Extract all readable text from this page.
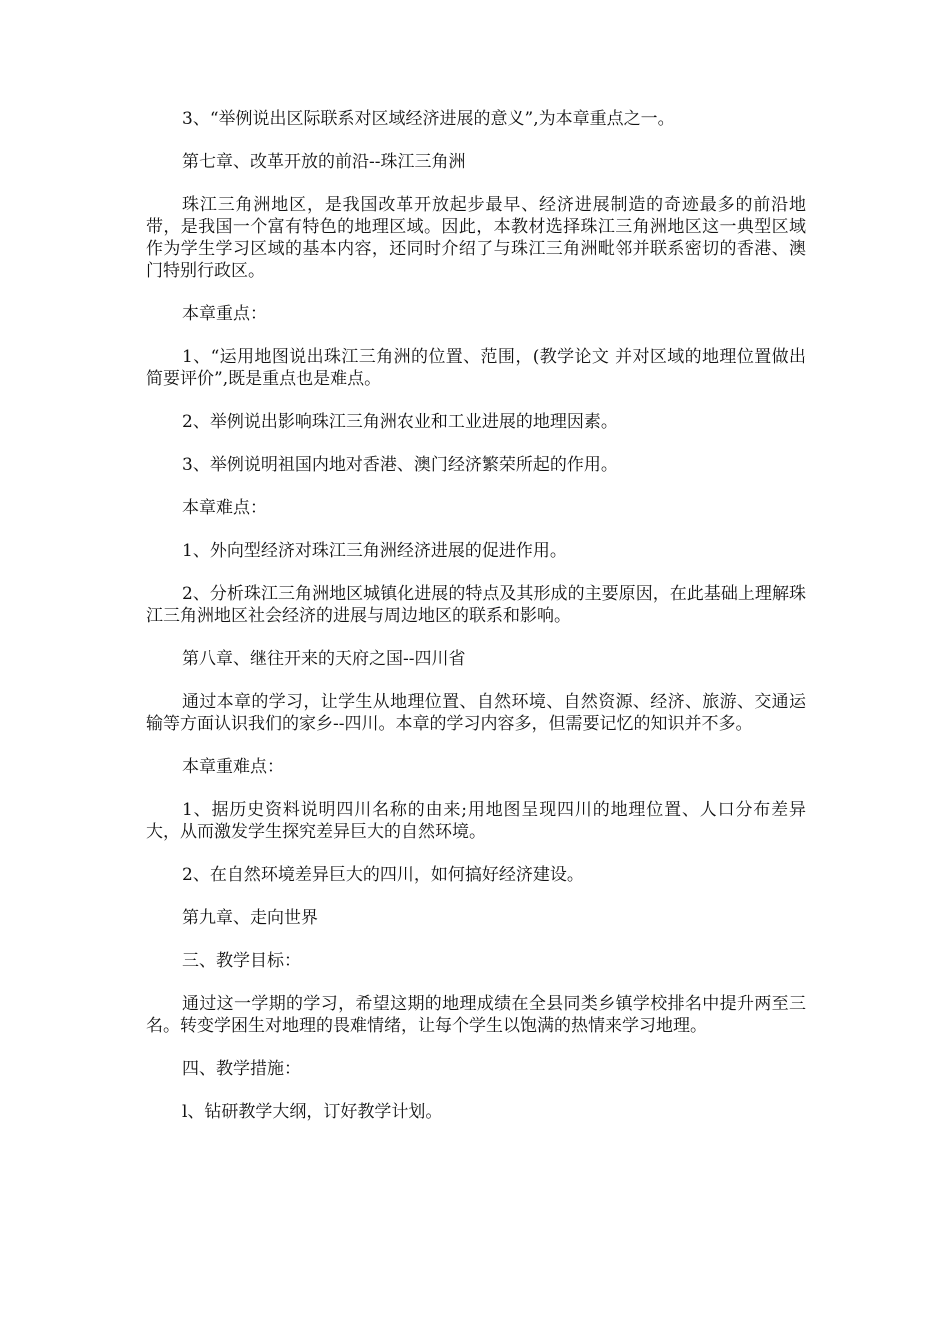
3、“举例说出区际联系对区域经济进展的意义”,为本章重点之一。

第七章、改革开放的前沿--珠江三角洲

珠江三角洲地区，是我国改革开放起步最早、经济进展制造的奇迹最多的前沿地带，是我国一个富有特色的地理区域。因此，本教材选择珠江三角洲地区这一典型区域作为学生学习区域的基本内容，还同时介绍了与珠江三角洲毗邻并联系密切的香港、澳门特别行政区。

本章重点：

1、“运用地图说出珠江三角洲的位置、范围，(教学论文 并对区域的地理位置做出简要评价”,既是重点也是难点。

2、举例说出影响珠江三角洲农业和工业进展的地理因素。

3、举例说明祖国内地对香港、澳门经济繁荣所起的作用。

本章难点：

1、外向型经济对珠江三角洲经济进展的促进作用。

2、分析珠江三角洲地区城镇化进展的特点及其形成的主要原因，在此基础上理解珠江三角洲地区社会经济的进展与周边地区的联系和影响。

第八章、继往开来的天府之国--四川省

通过本章的学习，让学生从地理位置、自然环境、自然资源、经济、旅游、交通运输等方面认识我们的家乡--四川。本章的学习内容多，但需要记忆的知识并不多。

本章重难点：

1、据历史资料说明四川名称的由来;用地图呈现四川的地理位置、人口分布差异大，从而激发学生探究差异巨大的自然环境。

2、在自然环境差异巨大的四川，如何搞好经济建设。

第九章、走向世界

三、教学目标：

通过这一学期的学习，希望这期的地理成绩在全县同类乡镇学校排名中提升两至三名。转变学困生对地理的畏难情绪，让每个学生以饱满的热情来学习地理。

四、教学措施：

l、钻研教学大纲，订好教学计划。
